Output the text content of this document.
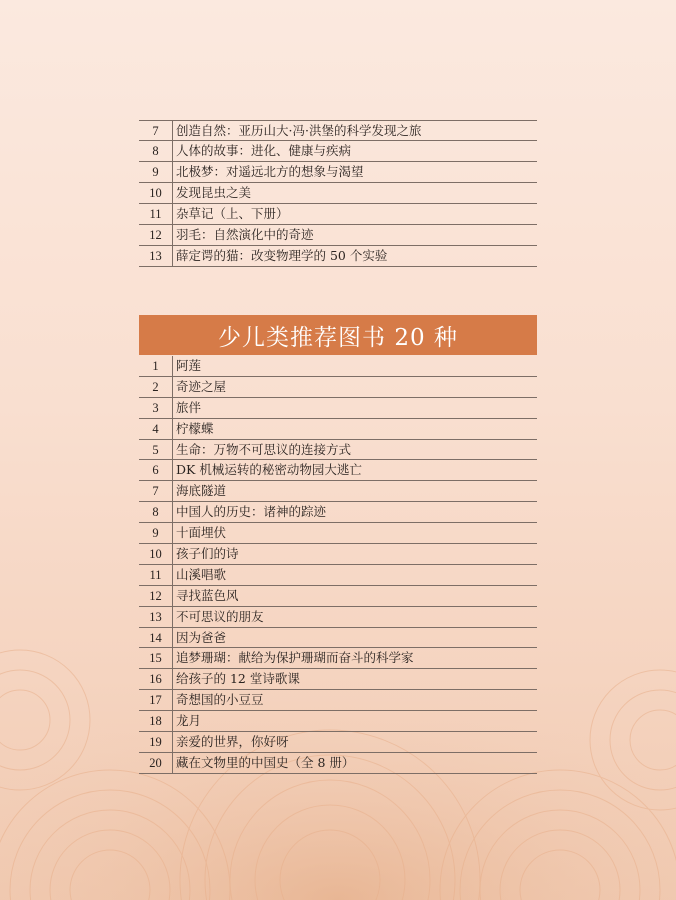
7	创造自然：亚历山大·冯·洪堡的科学发现之旅
8	人体的故事：进化、健康与疾病
9	北极梦：对遥远北方的想象与渴望
10	发现昆虫之美
11	杂草记（上、下册）
12	羽毛：自然演化中的奇迹
13	薛定谔的猫：改变物理学的 50 个实验
少儿类推荐图书 20 种
1	阿莲
2	奇迹之屋
3	旅伴
4	柠檬蝶
5	生命：万物不可思议的连接方式
6	DK 机械运转的秘密动物园大逃亡
7	海底隧道
8	中国人的历史：诸神的踪迹
9	十面埋伏
10	孩子们的诗
11	山溪唱歌
12	寻找蓝色风
13	不可思议的朋友
14	因为爸爸
15	追梦珊瑚：献给为保护珊瑚而奋斗的科学家
16	给孩子的 12 堂诗歌课
17	奇想国的小豆豆
18	龙月
19	亲爱的世界，你好呀
20	藏在文物里的中国史（全 8 册）
